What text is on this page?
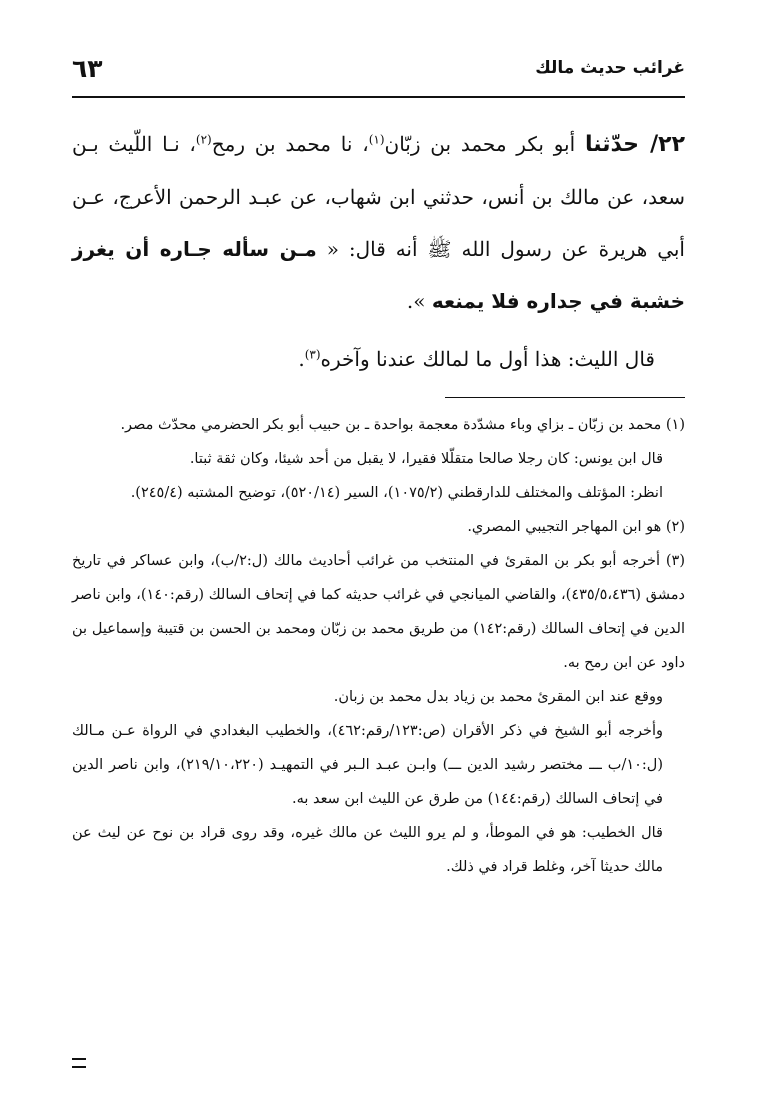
غرائب حديث مالك
٦٣

٢٢/ حدّثنا أبو بكر محمد بن زبّان$^{(١)}$، نا محمد بن رمح$^{(٢)}$، نـا اللّيث بـن سعد، عن مالك بن أنس، حدثني ابن شهاب، عن عبـد الرحمن الأعرج، عـن أبي هريرة عن رسول الله ﷺ أنه قال: « مـن سأله جـاره أن يغرز خشبة في جداره فلا يمنعه ».

قال الليث: هذا أول ما لمالك عندنا وآخره$^{(٣)}$.

(١) محمد بن زبّان ـ بزاي وباء مشدّدة معجمة بواحدة ـ بن حبيب أبو بكر الحضرمي محدّث مصر.

قال ابن يونس: كان رجلا صالحا متقلّلا فقيرا، لا يقبل من أحد شيئا، وكان ثقة ثبتا.

انظر: المؤتلف والمختلف للدارقطني (١٠٧٥/٢)، السير (٥٢٠/١٤)، توضيح المشتبه (٢٤٥/٤).

(٢) هو ابن المهاجر التجيبي المصري.

(٣) أخرجه أبو بكر بن المقرئ في المنتخب من غرائب أحاديث مالك (ل:٢/ب)، وابن عساكر في تاريخ دمشق (٤٣٥/٥،٤٣٦)، والقاضي الميانجي في غرائب حديثه كما في إتحاف السالك (رقم:١٤٠)، وابن ناصر الدين في إتحاف السالك (رقم:١٤٢) من طريق محمد بن زبّان ومحمد بن الحسن بن قتيبة وإسماعيل بن داود عن ابن رمح به.

ووقع عند ابن المقرئ محمد بن زياد بدل محمد بن زبان.

وأخرجه أبو الشيخ في ذكر الأقران (ص:١٢٣/رقم:٤٦٢)، والخطيب البغدادي في الرواة عـن مـالك (ل:١٠/ب ـــ مختصر رشيد الدين ـــ) وابـن عبـد الـبر في التمهيـد (٢١٩/١٠،٢٢٠)، وابن ناصر الدين في إتحاف السالك (رقم:١٤٤) من طرق عن الليث ابن سعد به.

قال الخطيب: هو في الموطأ، و لم يرو الليث عن مالك غيره، وقد روى قراد بن نوح عن ليث عن مالك حديثا آخر، وغلط قراد في ذلك.
